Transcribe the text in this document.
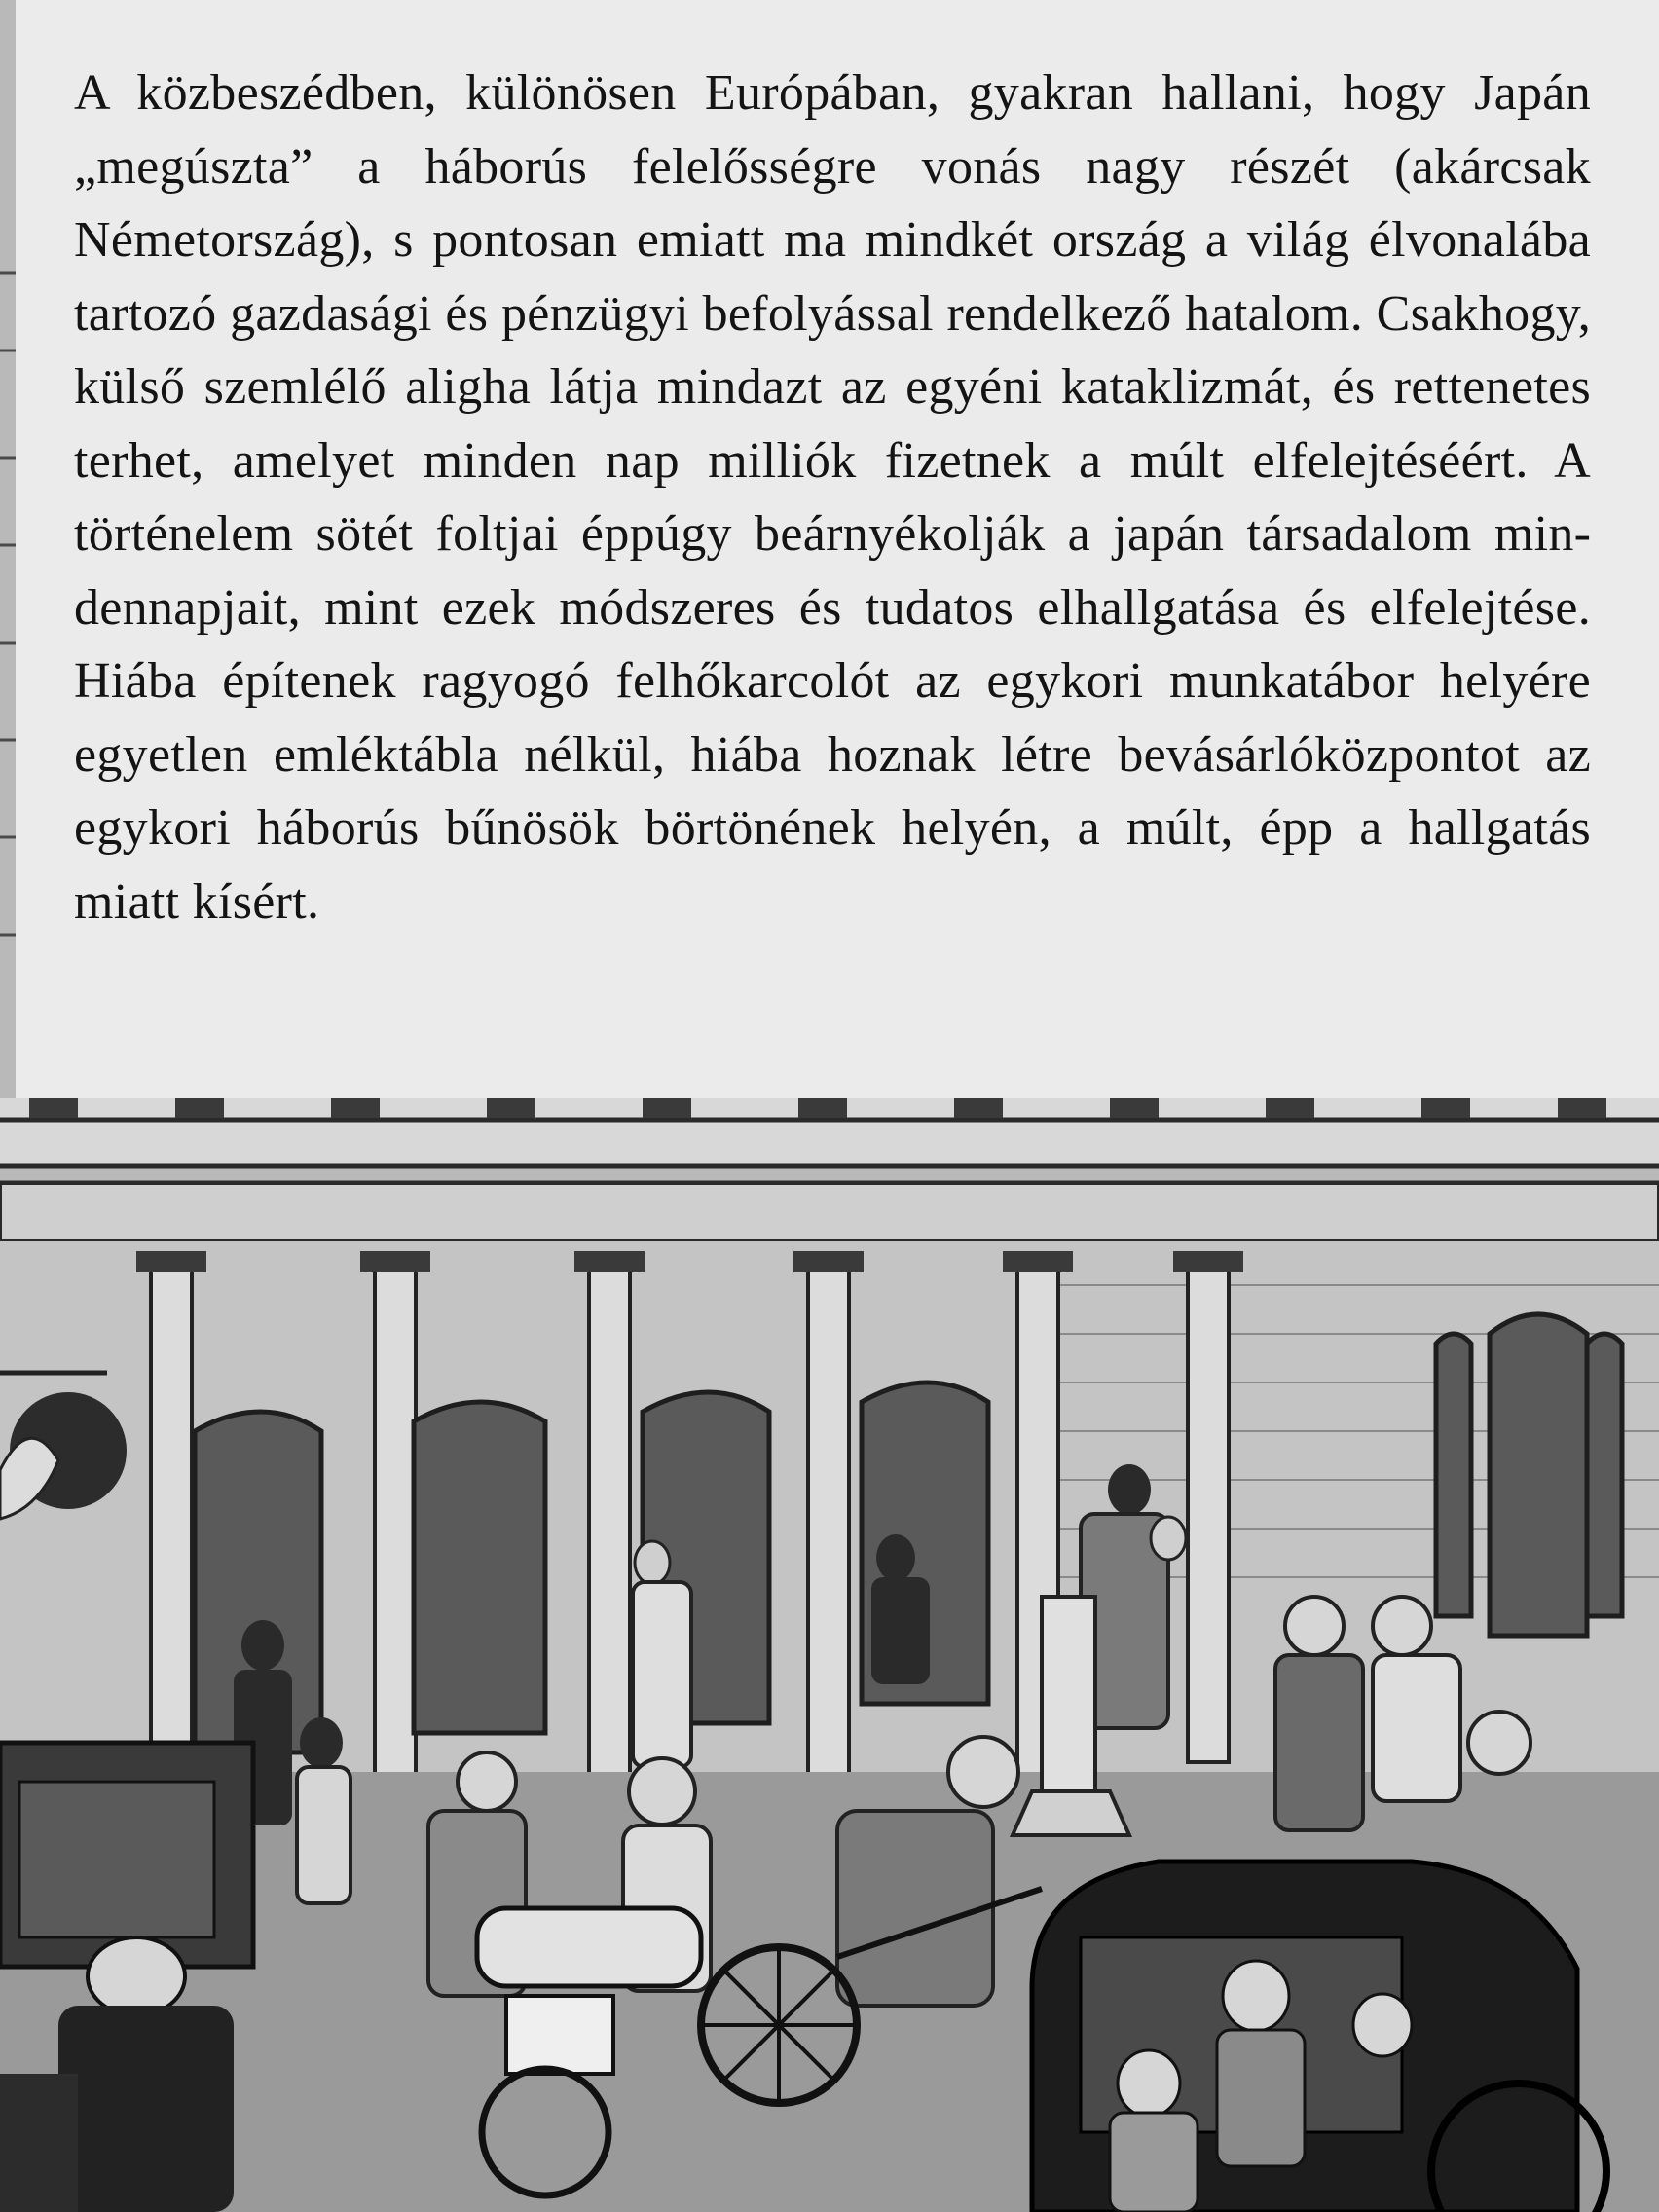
A közbeszédben, különösen Európában, gyakran hallani, hogy Japán „megúszta” a háborús felelősségre vonás nagy részét (akárcsak Németország), s pontosan emiatt ma mindkét ország a világ élvonalába tartozó gazdasági és pénzügyi befolyással rendelkező hatalom. Csakhogy, külső szemlélő aligha látja mindazt az egyéni kataklizmát, és rettenetes terhet, amelyet minden nap milliók fizetnek a múlt elfelejtéséért. A történelem sötét foltjai éppúgy beárnyékolják a japán társadalom mindennapjait, mint ezek módszeres és tudatos elhallgatása és elfelejtése. Hiába építenek ragyogó felhőkarcolót az egykori munkatábor helyére egyetlen emléktábla nélkül, hiába hoznak létre bevásárlóközpontot az egykori háborús bűnösök börtönének helyén, a múlt, épp a hallgatás miatt kísért.
